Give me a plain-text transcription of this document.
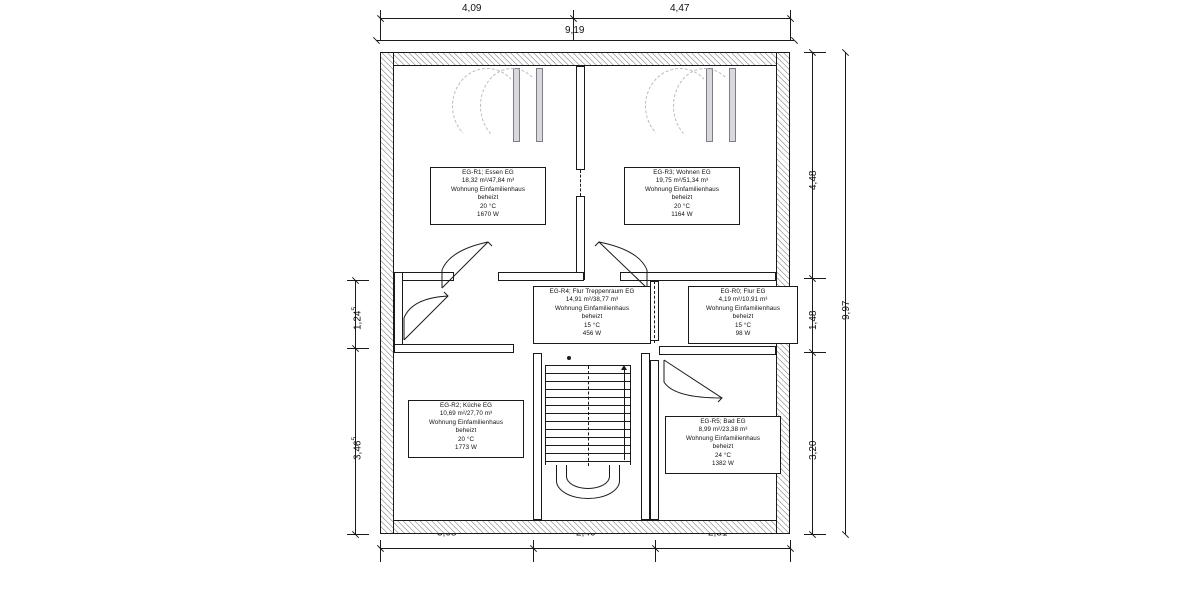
4,09	4,47
9,19
4,48
1,48
3,20
9,97
1,24$^5$
3,46$^5$
EG-R1; Essen EG
18,32 m²/47,84 m³
Wohnung Einfamilienhaus
beheizt
20 °C
1670 W
EG-R3; Wohnen EG
19,75 m²/51,34 m³
Wohnung Einfamilienhaus
beheizt
20 °C
1164 W
EG-R4; Flur Treppenraum EG
14,91 m²/38,77 m³
Wohnung Einfamilienhaus
beheizt
15 °C
456 W
EG-R0; Flur EG
4,19 m²/10,91 m³
Wohnung Einfamilienhaus
beheizt
15 °C
98 W
EG-R2; Küche EG
10,69 m²/27,70 m³
Wohnung Einfamilienhaus
beheizt
20 °C
1773 W
EG-R5; Bad EG
8,99 m²/23,38 m³
Wohnung Einfamilienhaus
beheizt
24 °C
1382 W
